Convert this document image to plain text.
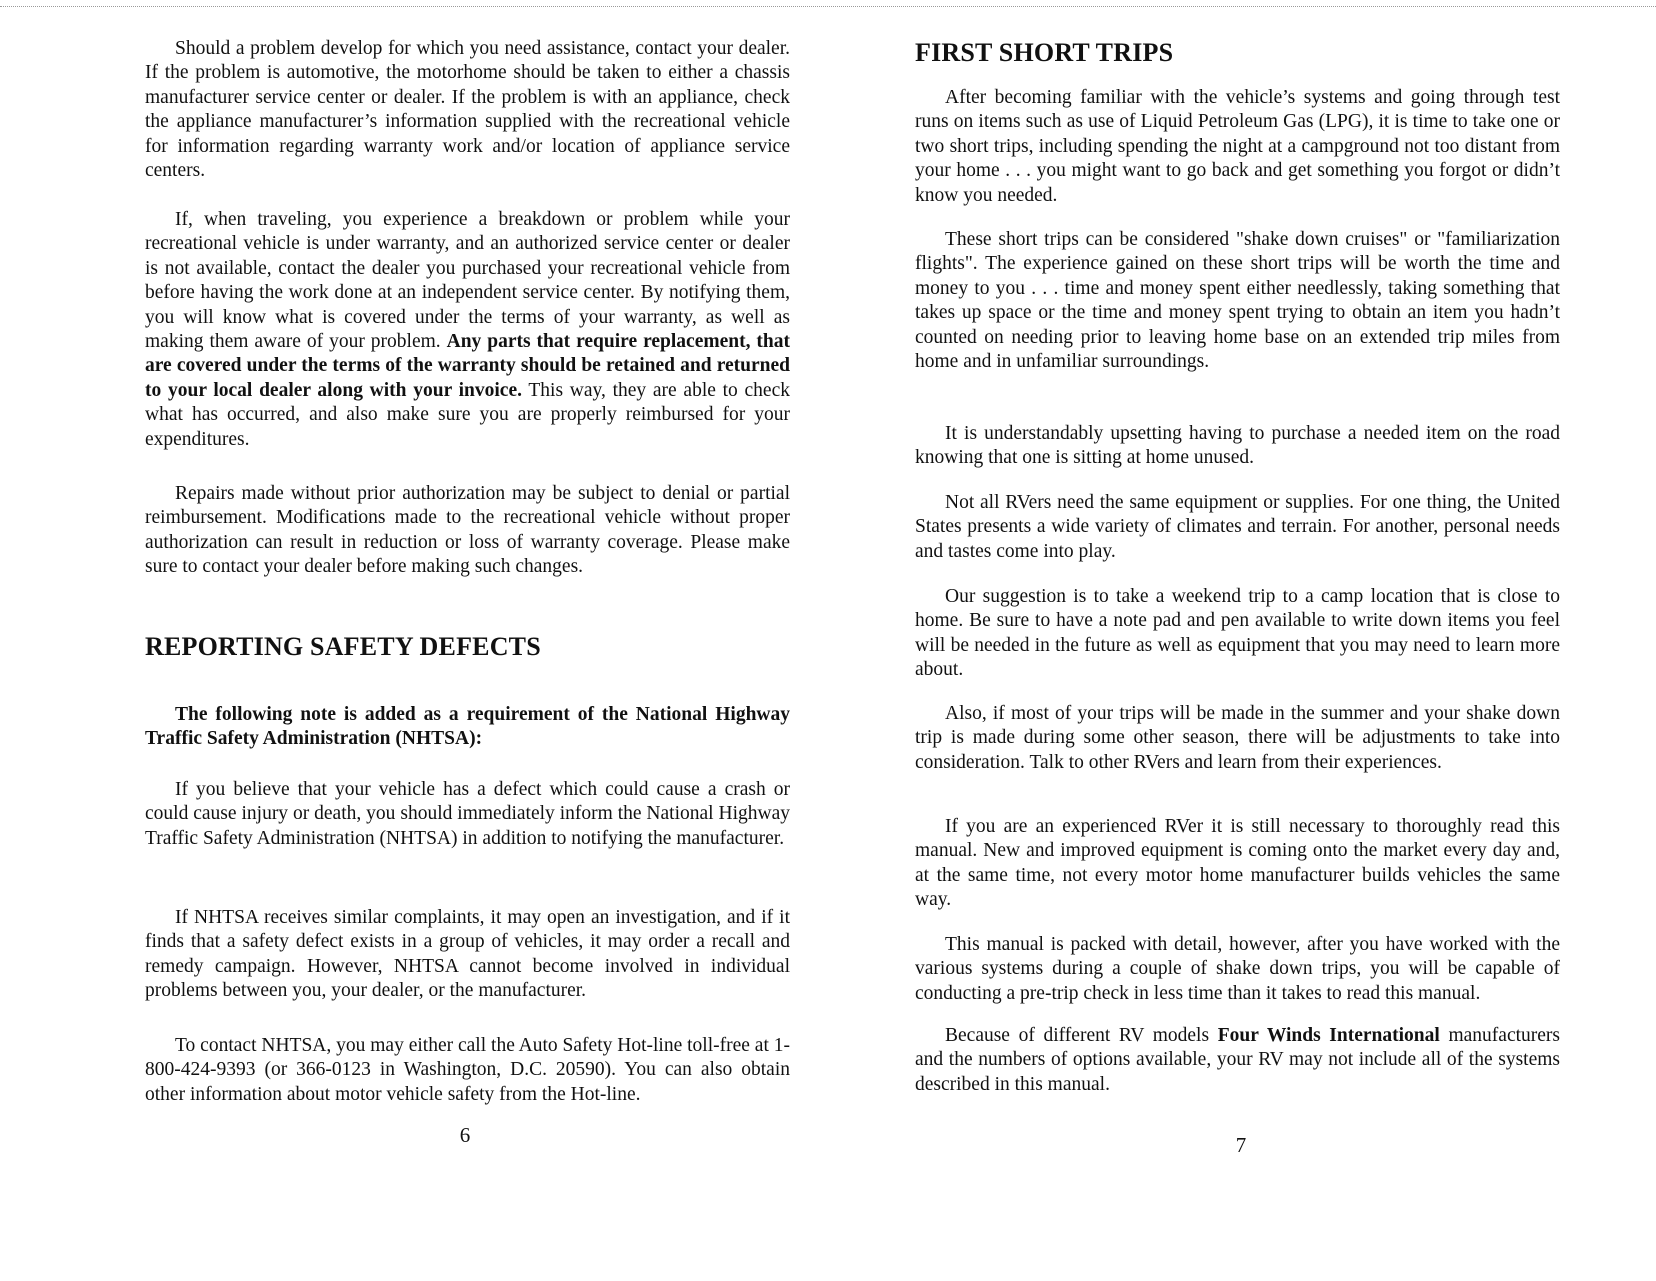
Should a problem develop for which you need assistance, contact your dealer. If the problem is automotive, the motorhome should be taken to either a chassis manufacturer service center or dealer. If the problem is with an appliance, check the appliance manufacturer’s information supplied with the recreational vehicle for information regarding warranty work and/or location of appliance service centers.

If, when traveling, you experience a breakdown or problem while your recreational vehicle is under warranty, and an authorized service center or dealer is not available, contact the dealer you purchased your recreational vehicle from before having the work done at an independent service center. By notifying them, you will know what is covered under the terms of your warranty, as well as making them aware of your problem. Any parts that require replacement, that are covered under the terms of the warranty should be retained and returned to your local dealer along with your invoice. This way, they are able to check what has occurred, and also make sure you are properly reimbursed for your expenditures.

Repairs made without prior authorization may be subject to denial or partial reimbursement. Modifications made to the recreational vehicle without proper authorization can result in reduction or loss of warranty coverage. Please make sure to contact your dealer before making such changes.

REPORTING SAFETY DEFECTS

The following note is added as a requirement of the National Highway Traffic Safety Administration (NHTSA):

If you believe that your vehicle has a defect which could cause a crash or could cause injury or death, you should immediately inform the National Highway Traffic Safety Administration (NHTSA) in addition to notifying the manufacturer.

If NHTSA receives similar complaints, it may open an investigation, and if it finds that a safety defect exists in a group of vehicles, it may order a recall and remedy campaign. However, NHTSA cannot become involved in individual problems between you, your dealer, or the manufacturer.

To contact NHTSA, you may either call the Auto Safety Hot-line toll-free at 1-800-424-9393 (or 366-0123 in Washington, D.C. 20590). You can also obtain other information about motor vehicle safety from the Hot-line.

6
FIRST SHORT TRIPS

After becoming familiar with the vehicle’s systems and going through test runs on items such as use of Liquid Petroleum Gas (LPG), it is time to take one or two short trips, including spending the night at a campground not too distant from your home . . . you might want to go back and get something you forgot or didn’t know you needed.

These short trips can be considered "shake down cruises" or "familiarization flights". The experience gained on these short trips will be worth the time and money to you . . . time and money spent either needlessly, taking something that takes up space or the time and money spent trying to obtain an item you hadn’t counted on needing prior to leaving home base on an extended trip miles from home and in unfamiliar surroundings.

It is understandably upsetting having to purchase a needed item on the road knowing that one is sitting at home unused.

Not all RVers need the same equipment or supplies. For one thing, the United States presents a wide variety of climates and terrain. For another, personal needs and tastes come into play.

Our suggestion is to take a weekend trip to a camp location that is close to home. Be sure to have a note pad and pen available to write down items you feel will be needed in the future as well as equipment that you may need to learn more about.

Also, if most of your trips will be made in the summer and your shake down trip is made during some other season, there will be adjustments to take into consideration. Talk to other RVers and learn from their experiences.

If you are an experienced RVer it is still necessary to thoroughly read this manual. New and improved equipment is coming onto the market every day and, at the same time, not every motor home manufacturer builds vehicles the same way.

This manual is packed with detail, however, after you have worked with the various systems during a couple of shake down trips, you will be capable of conducting a pre-trip check in less time than it takes to read this manual.

Because of different RV models Four Winds International manufacturers and the numbers of options available, your RV may not include all of the systems described in this manual.

7
